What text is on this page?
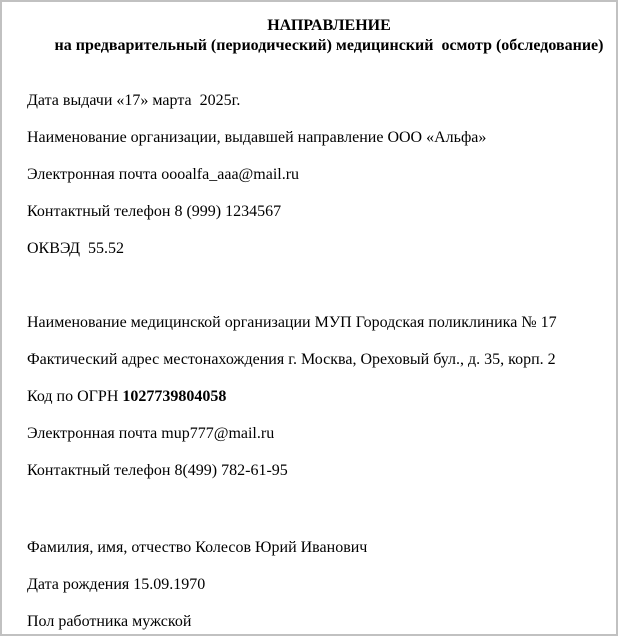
НАПРАВЛЕНИЕ
на предварительный (периодический) медицинский  осмотр (обследование)

Дата выдачи «17» марта  2025г.

Наименование организации, выдавшей направление ООО «Альфа»

Электронная почта oooalfa_aaa@mail.ru

Контактный телефон 8 (999) 1234567

ОКВЭД  55.52

Наименование медицинской организации МУП Городская поликлиника № 17

Фактический адрес местонахождения г. Москва, Ореховый бул., д. 35, корп. 2

Код по ОГРН 1027739804058

Электронная почта mup777@mail.ru

Контактный телефон 8(499) 782-61-95

Фамилия, имя, отчество Колесов Юрий Иванович

Дата рождения 15.09.1970

Пол работника мужской
